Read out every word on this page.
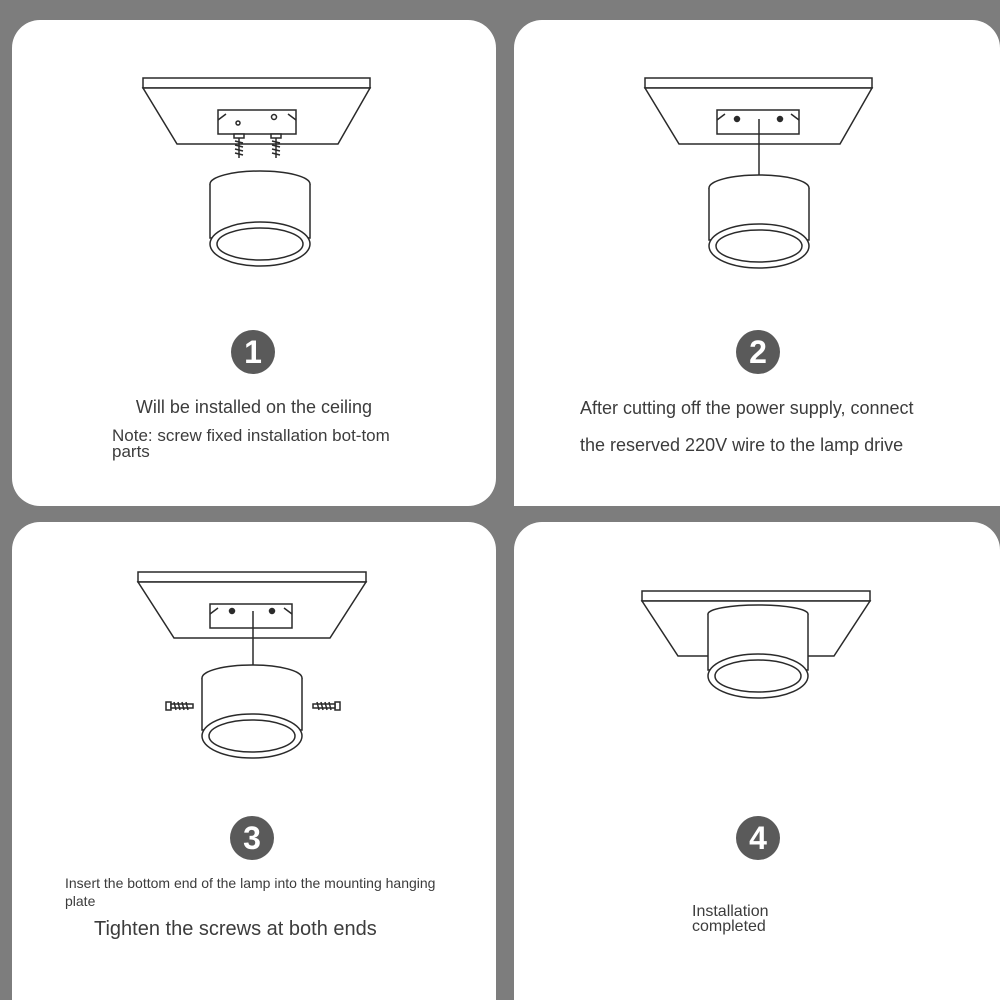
1
Will be installed on the ceiling
Note: screw fixed installation bot-tom parts
2
After cutting off the power supply, connect
the reserved 220V wire to the lamp drive
3
Insert the bottom end of the lamp into the mounting hanging plate
Tighten the screws at both ends
4
Installation completed
